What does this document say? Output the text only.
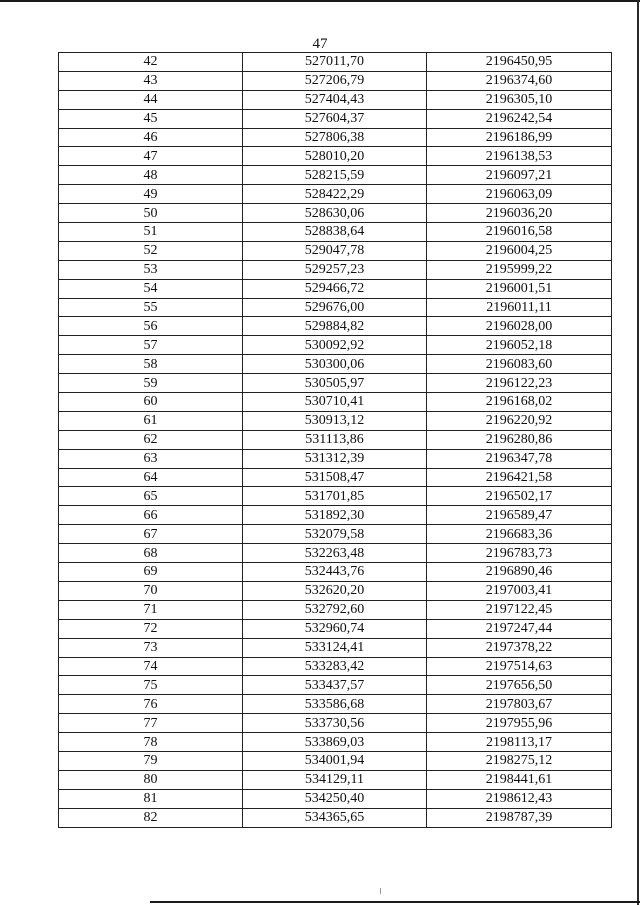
47
42	527011,70	2196450,95
43	527206,79	2196374,60
44	527404,43	2196305,10
45	527604,37	2196242,54
46	527806,38	2196186,99
47	528010,20	2196138,53
48	528215,59	2196097,21
49	528422,29	2196063,09
50	528630,06	2196036,20
51	528838,64	2196016,58
52	529047,78	2196004,25
53	529257,23	2195999,22
54	529466,72	2196001,51
55	529676,00	2196011,11
56	529884,82	2196028,00
57	530092,92	2196052,18
58	530300,06	2196083,60
59	530505,97	2196122,23
60	530710,41	2196168,02
61	530913,12	2196220,92
62	531113,86	2196280,86
63	531312,39	2196347,78
64	531508,47	2196421,58
65	531701,85	2196502,17
66	531892,30	2196589,47
67	532079,58	2196683,36
68	532263,48	2196783,73
69	532443,76	2196890,46
70	532620,20	2197003,41
71	532792,60	2197122,45
72	532960,74	2197247,44
73	533124,41	2197378,22
74	533283,42	2197514,63
75	533437,57	2197656,50
76	533586,68	2197803,67
77	533730,56	2197955,96
78	533869,03	2198113,17
79	534001,94	2198275,12
80	534129,11	2198441,61
81	534250,40	2198612,43
82	534365,65	2198787,39
